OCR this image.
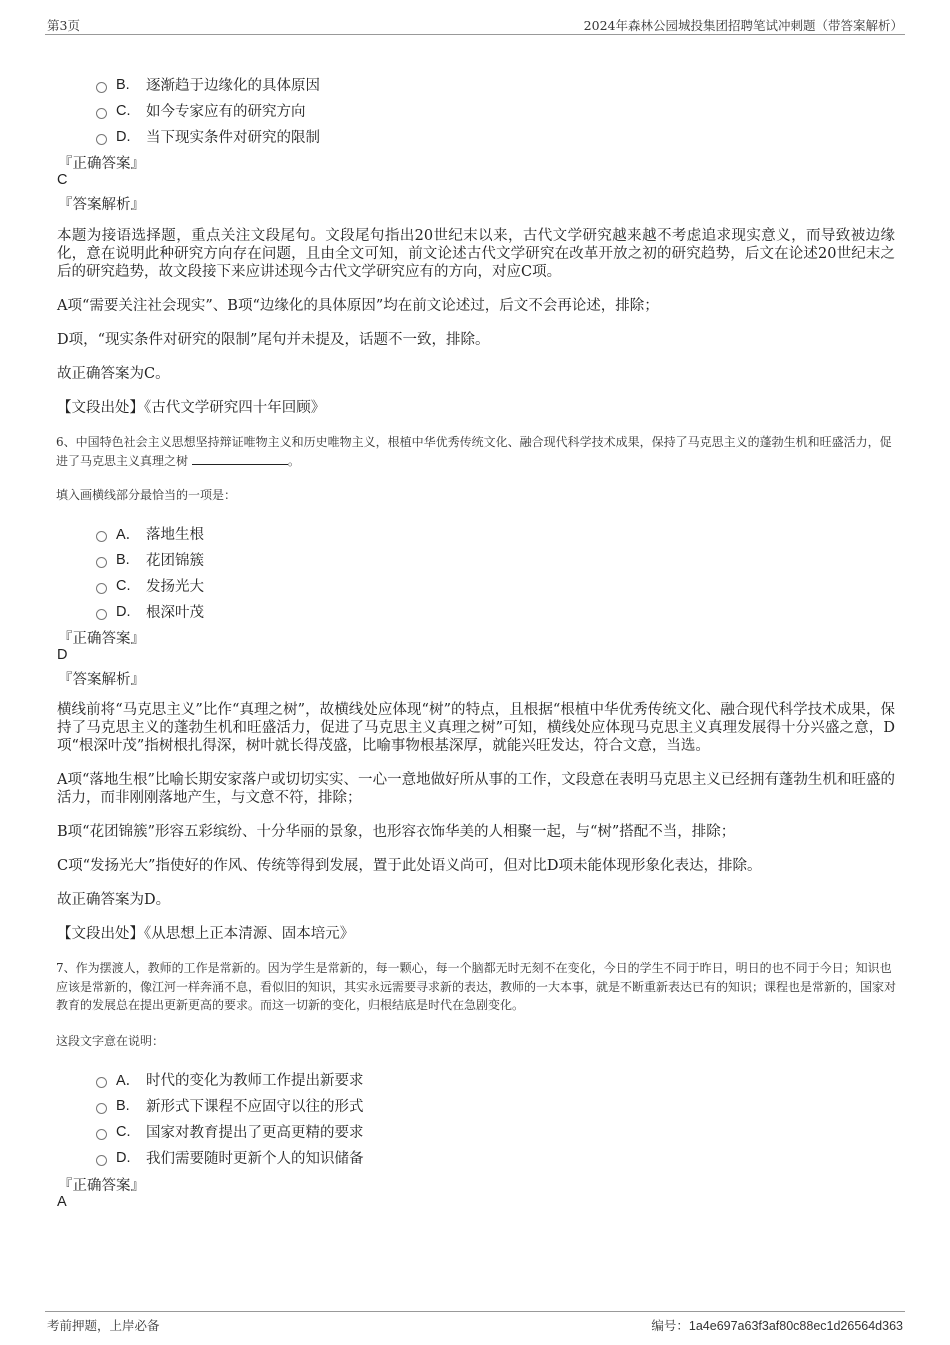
第3页	2024年森林公园城投集团招聘笔试冲刺题（带答案解析）
B.	逐渐趋于边缘化的具体原因
C.	如今专家应有的研究方向
D.	当下现实条件对研究的限制
『正确答案』
C
『答案解析』
本题为接语选择题，重点关注文段尾句。文段尾句指出20世纪末以来，古代文学研究越来越不考虑追求现实意义，而导致被边缘化，意在说明此种研究方向存在问题，且由全文可知，前文论述古代文学研究在改革开放之初的研究趋势，后文在论述20世纪末之后的研究趋势，故文段接下来应讲述现今古代文学研究应有的方向，对应C项。
A项“需要关注社会现实”、B项“边缘化的具体原因”均在前文论述过，后文不会再论述，排除；
D项，“现实条件对研究的限制”尾句并未提及，话题不一致，排除。
故正确答案为C。
【文段出处】《古代文学研究四十年回顾》
6、中国特色社会主义思想坚持辩证唯物主义和历史唯物主义，根植中华优秀传统文化、融合现代科学技术成果，保持了马克思主义的蓬勃生机和旺盛活力，促进了马克思主义真理之树	。
填入画横线部分最恰当的一项是：
A． 落地生根
B.	花团锦簇
C.	发扬光大
D.	根深叶茂
『正确答案』
D
『答案解析』
横线前将“马克思主义”比作“真理之树”，故横线处应体现“树”的特点，且根据“根植中华优秀传统文化、融合现代科学技术成果，保持了马克思主义的蓬勃生机和旺盛活力，促进了马克思主义真理之树”可知，横线处应体现马克思主义真理发展得十分兴盛之意，D项“根深叶茂”指树根扎得深，树叶就长得茂盛，比喻事物根基深厚，就能兴旺发达，符合文意，当选。
A项“落地生根”比喻长期安家落户或切切实实、一心一意地做好所从事的工作，文段意在表明马克思主义已经拥有蓬勃生机和旺盛的活力，而非刚刚落地产生，与文意不符，排除；
B项“花团锦簇”形容五彩缤纷、十分华丽的景象，也形容衣饰华美的人相聚一起，与“树”搭配不当，排除；
C项“发扬光大”指使好的作风、传统等得到发展，置于此处语义尚可，但对比D项未能体现形象化表达，排除。
故正确答案为D。
【文段出处】《从思想上正本清源、固本培元》
7、作为摆渡人，教师的工作是常新的。因为学生是常新的，每一颗心，每一个脑都无时无刻不在变化，今日的学生不同于昨日，明日的也不同于今日；知识也应该是常新的，像江河一样奔涌不息，看似旧的知识，其实永远需要寻求新的表达，教师的一大本事，就是不断重新表达已有的知识；课程也是常新的，国家对教育的发展总在提出更新更高的要求。而这一切新的变化，归根结底是时代在急剧变化。
这段文字意在说明：
A． 时代的变化为教师工作提出新要求
B.	新形式下课程不应固守以往的形式
C.	国家对教育提出了更高更精的要求
D.	我们需要随时更新个人的知识储备
『正确答案』
A
考前押题，上岸必备	编号：1a4e697a63f3af80c88ec1d26564d363
